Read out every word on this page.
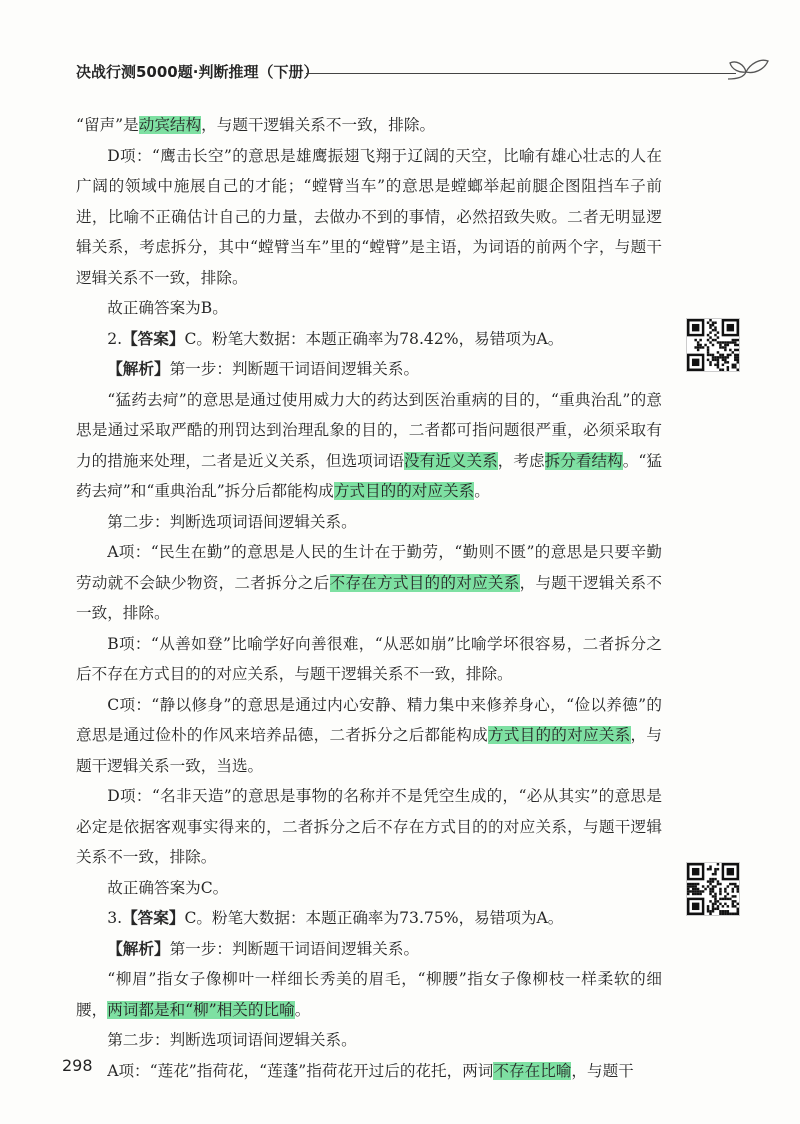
决战行测5000题·判断推理（下册）

“留声”是动宾结构，与题干逻辑关系不一致，排除。

D项：“鹰击长空”的意思是雄鹰振翅飞翔于辽阔的天空，比喻有雄心壮志的人在广阔的领域中施展自己的才能；“螳臂当车”的意思是螳螂举起前腿企图阻挡车子前进，比喻不正确估计自己的力量，去做办不到的事情，必然招致失败。二者无明显逻辑关系，考虑拆分，其中“螳臂当车”里的“螳臂”是主语，为词语的前两个字，与题干逻辑关系不一致，排除。

故正确答案为B。

2.【答案】C。粉笔大数据：本题正确率为78.42%，易错项为A。

【解析】第一步：判断题干词语间逻辑关系。

“猛药去疴”的意思是通过使用威力大的药达到医治重病的目的，“重典治乱”的意思是通过采取严酷的刑罚达到治理乱象的目的，二者都可指问题很严重，必须采取有力的措施来处理，二者是近义关系，但选项词语没有近义关系，考虑拆分看结构。“猛药去疴”和“重典治乱”拆分后都能构成方式目的的对应关系。

第二步：判断选项词语间逻辑关系。

A项：“民生在勤”的意思是人民的生计在于勤劳，“勤则不匮”的意思是只要辛勤劳动就不会缺少物资，二者拆分之后不存在方式目的的对应关系，与题干逻辑关系不一致，排除。

B项：“从善如登”比喻学好向善很难，“从恶如崩”比喻学坏很容易，二者拆分之后不存在方式目的的对应关系，与题干逻辑关系不一致，排除。

C项：“静以修身”的意思是通过内心安静、精力集中来修养身心，“俭以养德”的意思是通过俭朴的作风来培养品德，二者拆分之后都能构成方式目的的对应关系，与题干逻辑关系一致，当选。

D项：“名非天造”的意思是事物的名称并不是凭空生成的，“必从其实”的意思是必定是依据客观事实得来的，二者拆分之后不存在方式目的的对应关系，与题干逻辑关系不一致，排除。

故正确答案为C。

3.【答案】C。粉笔大数据：本题正确率为73.75%，易错项为A。

【解析】第一步：判断题干词语间逻辑关系。

“柳眉”指女子像柳叶一样细长秀美的眉毛，“柳腰”指女子像柳枝一样柔软的细腰，两词都是和“柳”相关的比喻。

第二步：判断选项词语间逻辑关系。

A项：“莲花”指荷花，“莲蓬”指荷花开过后的花托，两词不存在比喻，与题干

298
